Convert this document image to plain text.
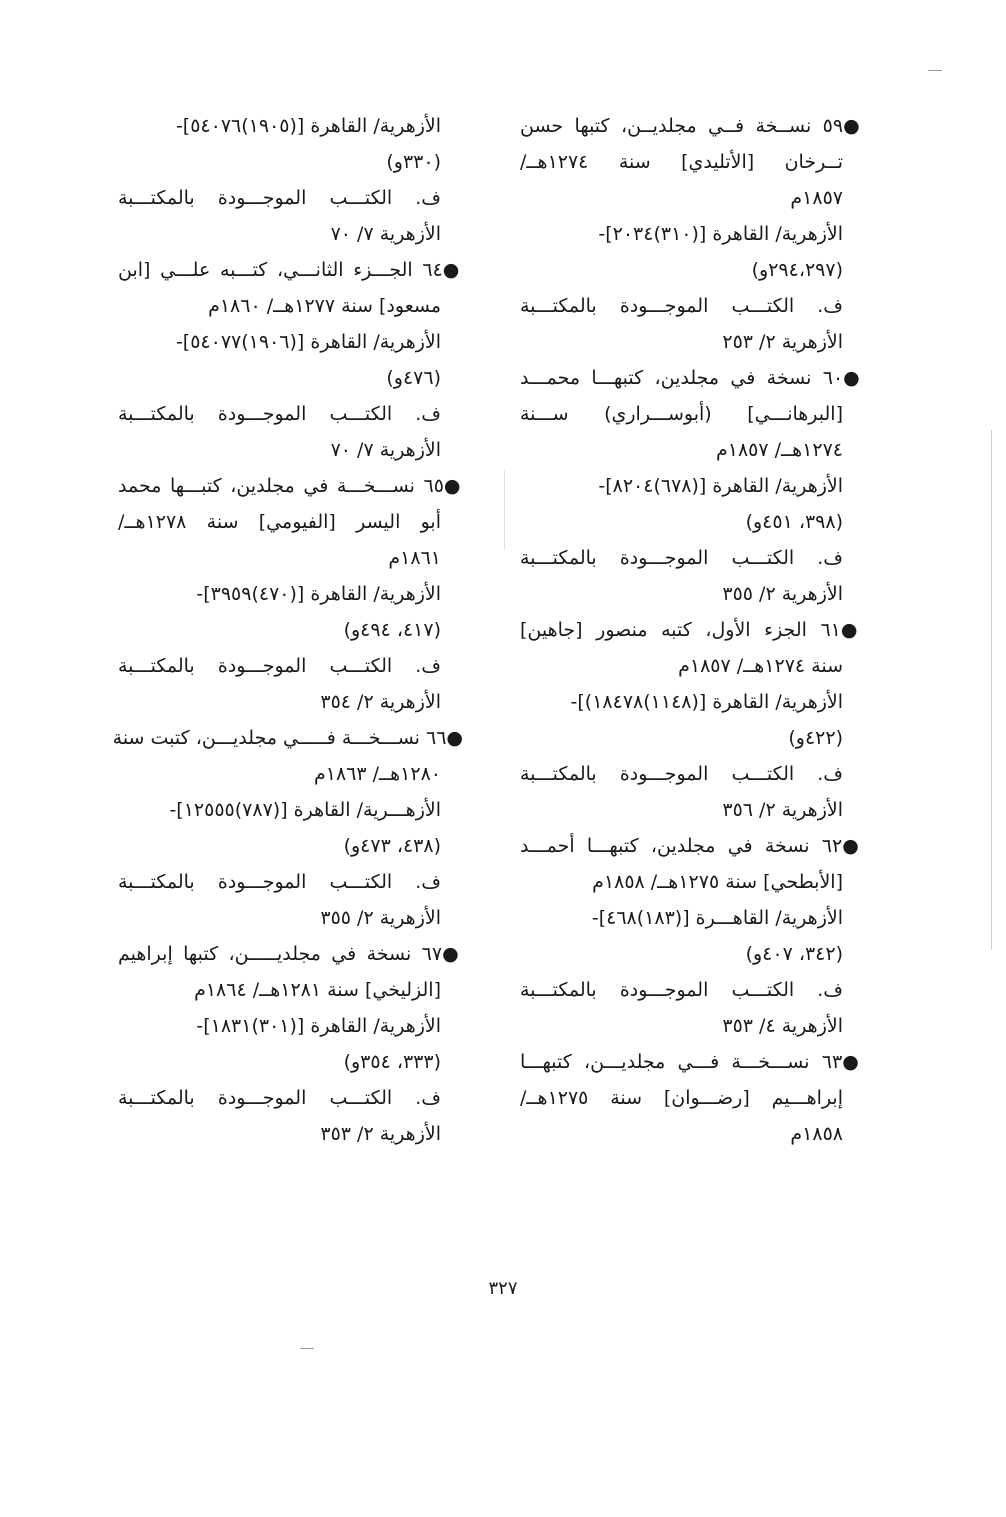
●٥٩ نســخة فــي مجلديــن، كتبها حسن
تــرخان [الأتليدي] سنة ١٢٧٤هــ/
١٨٥٧م
الأزهرية/ القاهرة [(٣١٠)٢٠٣٤]-
(٢٩٤،٢٩٧و)
ف. الكتـــب الموجـــودة بالمكتـــبة
الأزهرية ٢/ ٢٥٣
●٦٠ نسخة في مجلدين، كتبهـــا محمـــد
[البرهانـــي] (أبوســـراري) ســـنة
١٢٧٤هــ/ ١٨٥٧م
الأزهرية/ القاهرة [(٦٧٨)٨٢٠٤]-
(٣٩٨، ٤٥١و)
ف. الكتـــب الموجـــودة بالمكتـــبة
الأزهرية ٢/ ٣٥٥
●٦١ الجزء الأول، كتبه منصور [جاهين]
سنة ١٢٧٤هــ/ ١٨٥٧م
الأزهرية/ القاهرة [(١١٤٨)١٨٤٧٨)]-
(٤٢٢و)
ف. الكتـــب الموجـــودة بالمكتـــبة
الأزهرية ٢/ ٣٥٦
●٦٢ نسخة في مجلدين، كتبهـــا أحمـــد
[الأبطحي] سنة ١٢٧٥هــ/ ١٨٥٨م
الأزهرية/ القاهـــرة [(١٨٣)٤٦٨]-
(٣٤٢، ٤٠٧و)
ف. الكتـــب الموجـــودة بالمكتـــبة
الأزهرية ٤/ ٣٥٣
●٦٣ نســـخـــة فـــي مجلديـــن، كتبهـــا
إبراهـــيم [رضـــوان] سنة ١٢٧٥هــ/
١٨٥٨م
الأزهرية/ القاهرة [(١٩٠٥)٥٤٠٧٦]-
(٣٣٠و)
ف. الكتـــب الموجـــودة بالمكتـــبة
الأزهرية ٧/ ٧٠
●٦٤ الجـــزء الثانـــي، كتـــبه علـــي [ابن
مسعود] سنة ١٢٧٧هــ/ ١٨٦٠م
الأزهرية/ القاهرة [(١٩٠٦)٥٤٠٧٧]-
(٤٧٦و)
ف. الكتـــب الموجـــودة بالمكتـــبة
الأزهرية ٧/ ٧٠
●٦٥ نســـخـــة في مجلدين، كتبـــها محمد
أبو اليسر [الفيومي] سنة ١٢٧٨هــ/
١٨٦١م
الأزهرية/ القاهرة [(٤٧٠)٣٩٥٩]-
(٤١٧، ٤٩٤و)
ف. الكتـــب الموجـــودة بالمكتـــبة
الأزهرية ٢/ ٣٥٤
●٦٦ نســـخـــة فـــــي مجلديـــن، كتبت سنة
١٢٨٠هــ/ ١٨٦٣م
الأزهـــرية/ القاهرة [(٧٨٧)١٢٥٥٥]-
(٤٣٨، ٤٧٣و)
ف. الكتـــب الموجـــودة بالمكتـــبة
الأزهرية ٢/ ٣٥٥
●٦٧ نسخة في مجلديـــــن، كتبها إبراهيم
[الزليخي] سنة ١٢٨١هــ/ ١٨٦٤م
الأزهرية/ القاهرة [(٣٠١)١٨٣١]-
(٣٣٣، ٣٥٤و)
ف. الكتـــب الموجـــودة بالمكتـــبة
الأزهرية ٢/ ٣٥٣
٣٢٧
